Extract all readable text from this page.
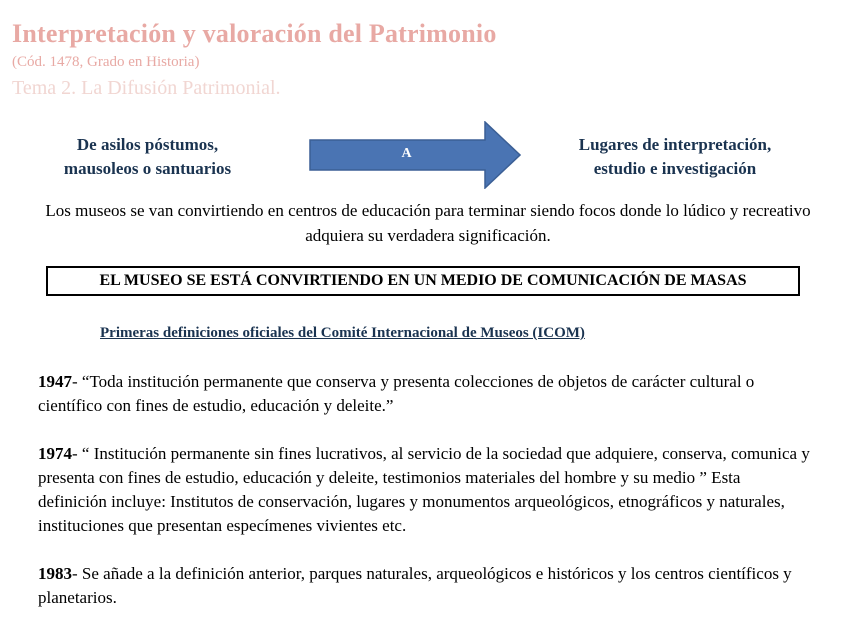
Interpretación y valoración del Patrimonio
(Cód. 1478, Grado en Historia)
Tema 2. La Difusión Patrimonial.
De asilos póstumos,
mausoleos o santuarios
A	Lugares de interpretación,
estudio e investigación
Los museos se van convirtiendo en centros de educación para terminar siendo focos donde lo lúdico y recreativo adquiera su verdadera significación.
EL MUSEO SE ESTÁ CONVIRTIENDO EN UN MEDIO DE COMUNICACIÓN DE MASAS
Primeras definiciones oficiales del Comité Internacional de Museos (ICOM)
1947- “Toda institución permanente que conserva y presenta colecciones de objetos de carácter cultural o científico con fines de estudio, educación y deleite.”
1974- “ Institución permanente sin fines lucrativos, al servicio de la sociedad que adquiere, conserva, comunica y presenta con fines de estudio, educación y deleite, testimonios materiales del hombre y su medio ” Esta definición incluye: Institutos de conservación, lugares y monumentos arqueológicos, etnográficos y naturales, instituciones que presentan especímenes vivientes etc.
1983- Se añade a la definición anterior, parques naturales, arqueológicos e históricos y los centros científicos y planetarios.
